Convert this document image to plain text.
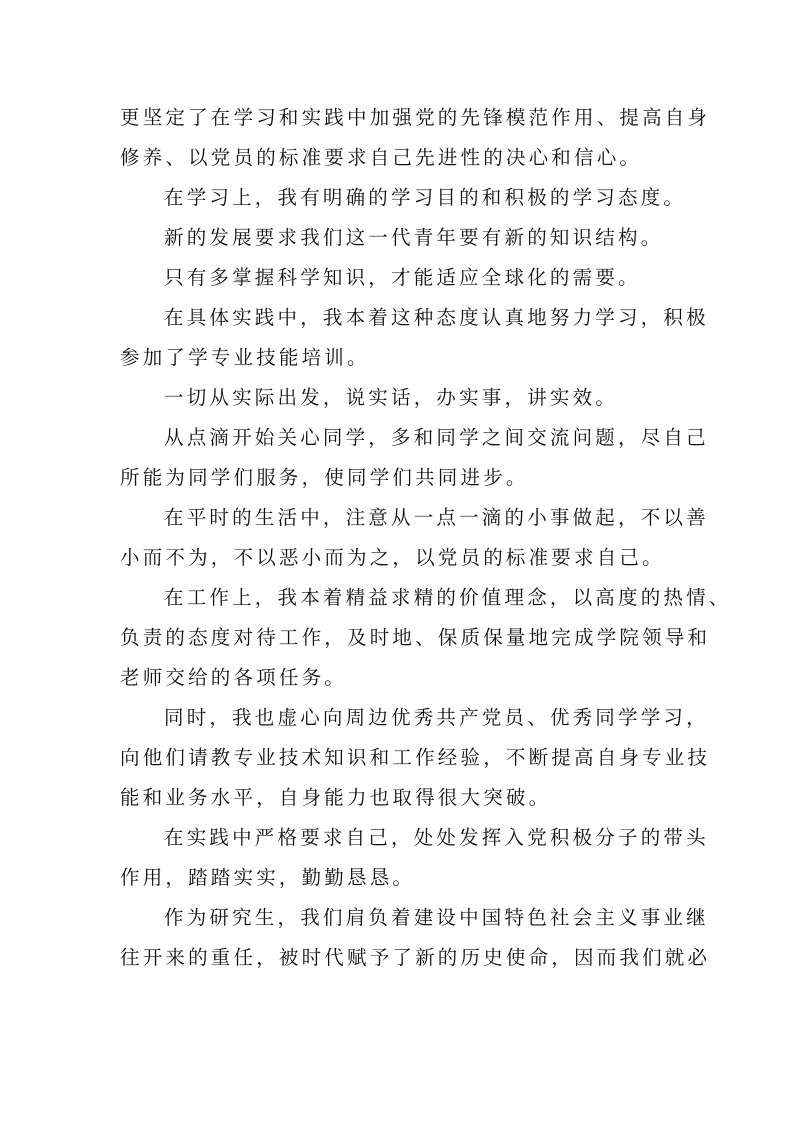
更坚定了在学习和实践中加强党的先锋模范作用、提高自身
修养、以党员的标准要求自己先进性的决心和信心。
在学习上，我有明确的学习目的和积极的学习态度。
新的发展要求我们这一代青年要有新的知识结构。
只有多掌握科学知识，才能适应全球化的需要。
在具体实践中，我本着这种态度认真地努力学习，积极
参加了学专业技能培训。
一切从实际出发，说实话，办实事，讲实效。
从点滴开始关心同学，多和同学之间交流问题，尽自己
所能为同学们服务，使同学们共同进步。
在平时的生活中，注意从一点一滴的小事做起，不以善
小而不为，不以恶小而为之，以党员的标准要求自己。
在工作上，我本着精益求精的价值理念，以高度的热情、
负责的态度对待工作，及时地、保质保量地完成学院领导和
老师交给的各项任务。
同时，我也虚心向周边优秀共产党员、优秀同学学习，
向他们请教专业技术知识和工作经验，不断提高自身专业技
能和业务水平，自身能力也取得很大突破。
在实践中严格要求自己，处处发挥入党积极分子的带头
作用，踏踏实实，勤勤恳恳。
作为研究生，我们肩负着建设中国特色社会主义事业继
往开来的重任，被时代赋予了新的历史使命，因而我们就必
